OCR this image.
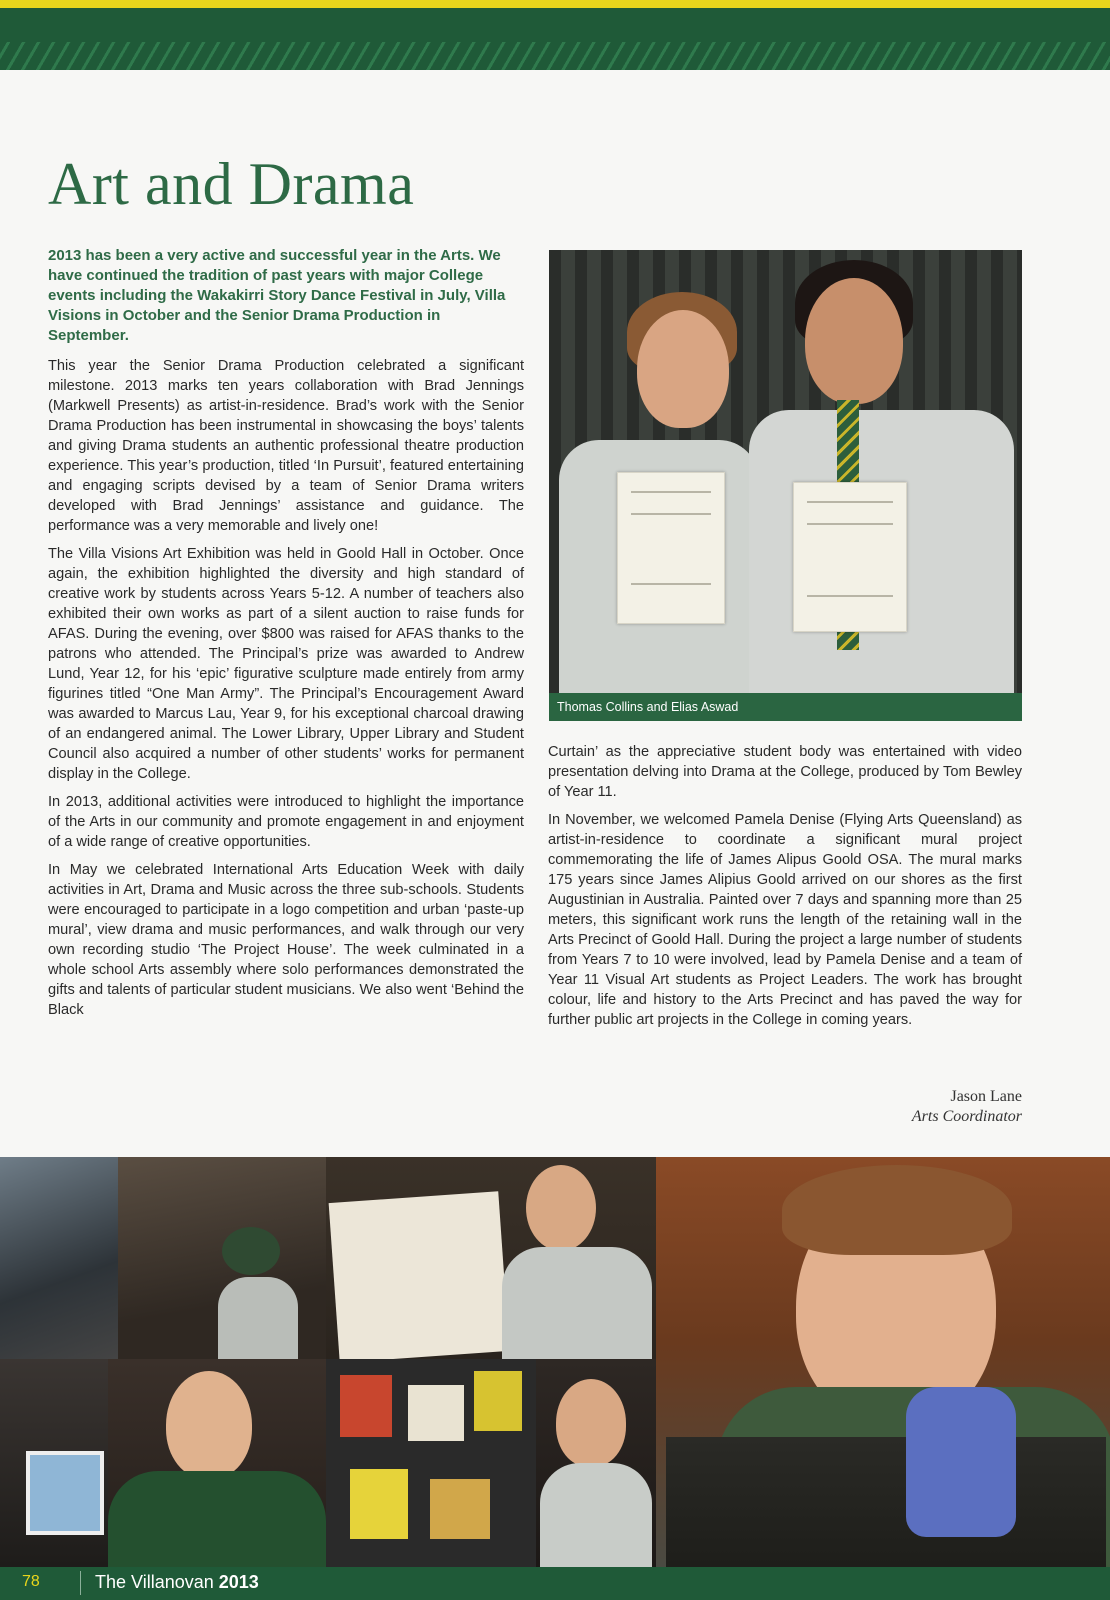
Art and Drama

2013 has been a very active and successful year in the Arts. We have continued the tradition of past years with major College events including the Wakakirri Story Dance Festival in July, Villa Visions in October and the Senior Drama Production in September.

This year the Senior Drama Production celebrated a significant milestone. 2013 marks ten years collaboration with Brad Jennings (Markwell Presents) as artist-in-residence. Brad’s work with the Senior Drama Production has been instrumental in showcasing the boys’ talents and giving Drama students an authentic professional theatre production experience. This year’s production, titled ‘In Pursuit’, featured entertaining and engaging scripts devised by a team of Senior Drama writers developed with Brad Jennings’ assistance and guidance. The performance was a very memorable and lively one!

The Villa Visions Art Exhibition was held in Goold Hall in October. Once again, the exhibition highlighted the diversity and high standard of creative work by students across Years 5-12. A number of teachers also exhibited their own works as part of a silent auction to raise funds for AFAS. During the evening, over $800 was raised for AFAS thanks to the patrons who attended. The Principal’s prize was awarded to Andrew Lund, Year 12, for his ‘epic’ figurative sculpture made entirely from army figurines titled “One Man Army”. The Principal’s Encouragement Award was awarded to Marcus Lau, Year 9, for his exceptional charcoal drawing of an endangered animal. The Lower Library, Upper Library and Student Council also acquired a number of other students’ works for permanent display in the College.

In 2013, additional activities were introduced to highlight the importance of the Arts in our community and promote engagement in and enjoyment of a wide range of creative opportunities.

In May we celebrated International Arts Education Week with daily activities in Art, Drama and Music across the three sub-schools. Students were encouraged to participate in a logo competition and urban ‘paste-up mural’, view drama and music performances, and walk through our very own recording studio ‘The Project House’. The week culminated in a whole school Arts assembly where solo performances demonstrated the gifts and talents of particular student musicians. We also went ‘Behind the Black

Thomas Collins and Elias Aswad

Curtain’ as the appreciative student body was entertained with video presentation delving into Drama at the College, produced by Tom Bewley of Year 11.

In November, we welcomed Pamela Denise (Flying Arts Queensland) as artist-in-residence to coordinate a significant mural project commemorating the life of James Alipus Goold OSA. The mural marks 175 years since James Alipius Goold arrived on our shores as the first Augustinian in Australia. Painted over 7 days and spanning more than 25 meters, this significant work runs the length of the retaining wall in the Arts Precinct of Goold Hall. During the project a large number of students from Years 7 to 10 were involved, lead by Pamela Denise and a team of Year 11 Visual Art students as Project Leaders. The work has brought colour, life and history to the Arts Precinct and has paved the way for further public art projects in the College in coming years.

Jason Lane
Arts Coordinator
78	The Villanovan 2013
